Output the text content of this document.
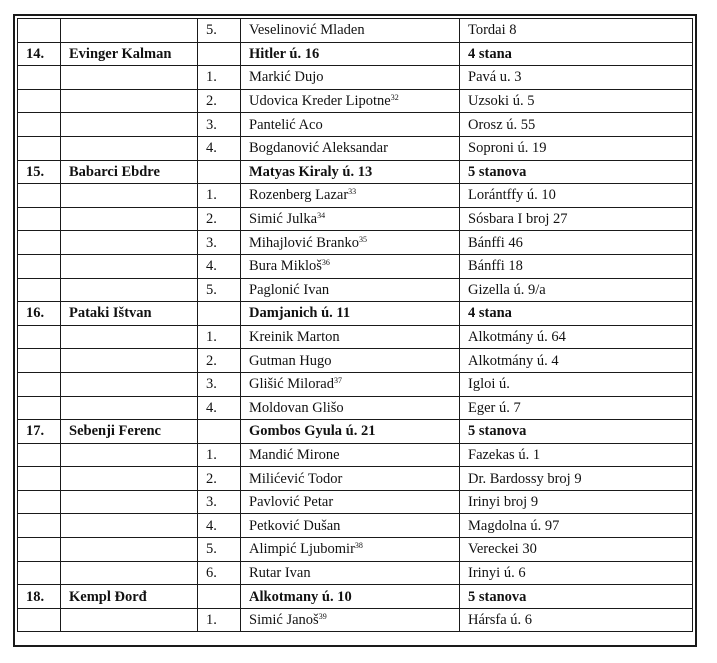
		5.	Veselinović Mladen	Tordai 8
14.	Evinger Kalman		Hitler ú. 16	4 stana
		1.	Markić Dujo	Pavá u. 3
		2.	Udovica Kreder Lipotne$^{32}$	Uzsoki ú. 5
		3.	Pantelić Aco	Orosz ú. 55
		4.	Bogdanović Aleksandar	Soproni ú. 19
15.	Babarci Ebdre		Matyas Kiraly ú. 13	5 stanova
		1.	Rozenberg Lazar$^{33}$	Lorántffy ú. 10
		2.	Simić Julka$^{34}$	Sósbara I broj 27
		3.	Mihajlović Branko$^{35}$	Bánffi 46
		4.	Bura Mikloš$^{36}$	Bánffi 18
		5.	Paglonić Ivan	Gizella ú. 9/a
16.	Pataki Ištvan		Damjanich ú. 11	4 stana
		1.	Kreinik Marton	Alkotmány ú. 64
		2.	Gutman Hugo	Alkotmány ú. 4
		3.	Glišić Milorad$^{37}$	Igloi ú.
		4.	Moldovan Glišo	Eger ú. 7
17.	Sebenji Ferenc		Gombos Gyula ú. 21	5 stanova
		1.	Mandić Mirone	Fazekas ú. 1
		2.	Milićević Todor	Dr. Bardossy broj 9
		3.	Pavlović Petar	Irinyi broj 9
		4.	Petković Dušan	Magdolna ú. 97
		5.	Alimpić Ljubomir$^{38}$	Vereckei 30
		6.	Rutar Ivan	Irinyi ú. 6
18.	Kempl Đorđ		Alkotmany ú. 10	5 stanova
		1.	Simić Janoš$^{39}$	Hársfa ú. 6
